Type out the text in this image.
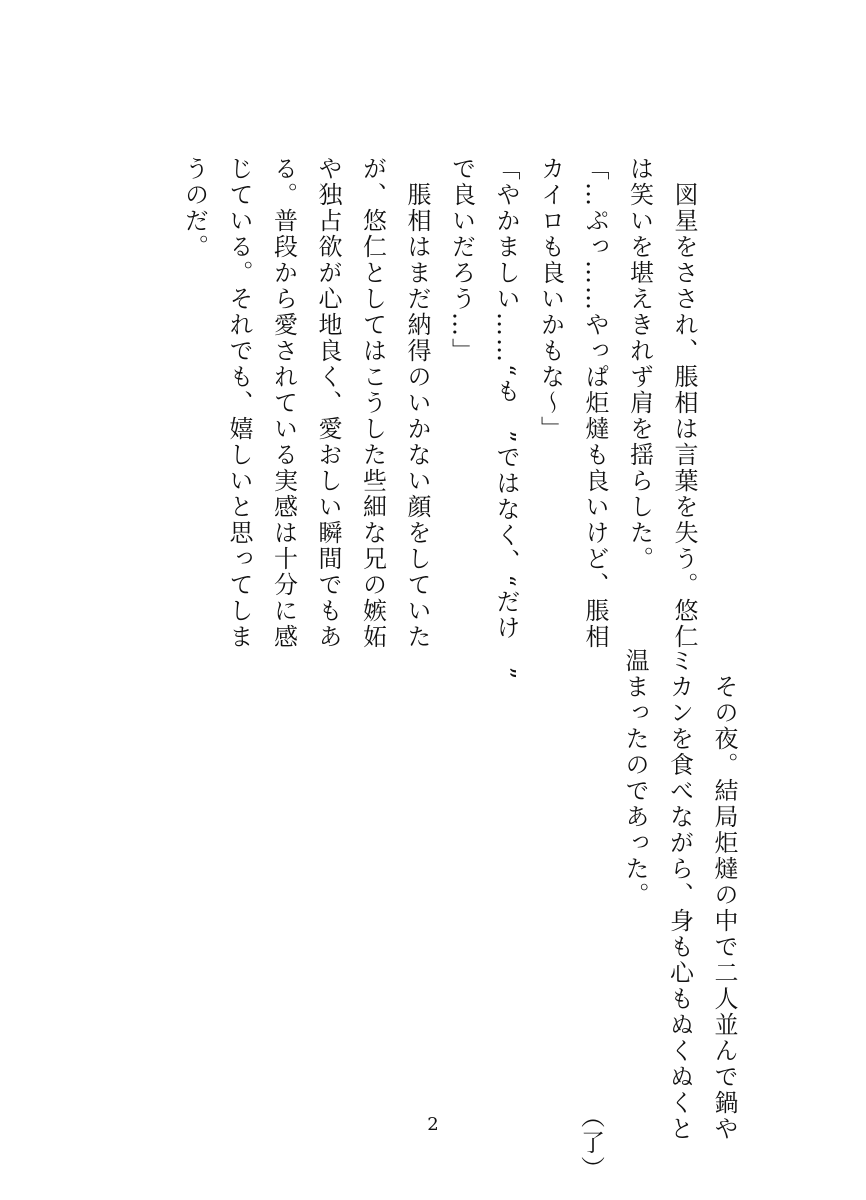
　図星をさされ、脹相は言葉を失う。悠仁

は笑いを堪えきれず肩を揺らした。

「…ぷっ……やっぱ炬燵も良いけど、脹相

カイロも良いかもな〜」

「やかましい……“も　”ではなく、“だけ　”

で良いだろう…」

　脹相はまだ納得のいかない顔をしていた

が、悠仁としてはこうした些細な兄の嫉妬

や独占欲が心地良く、愛おしい瞬間でもあ

る。普段から愛されている実感は十分に感

じている。それでも、嬉しいと思ってしま

うのだ。

　その夜。結局炬燵の中で二人並んで鍋や

ミカンを食べながら、身も心もぬくぬくと

温まったのであった。

　　　　　　　　　　　　　　　　　　（了）

2
